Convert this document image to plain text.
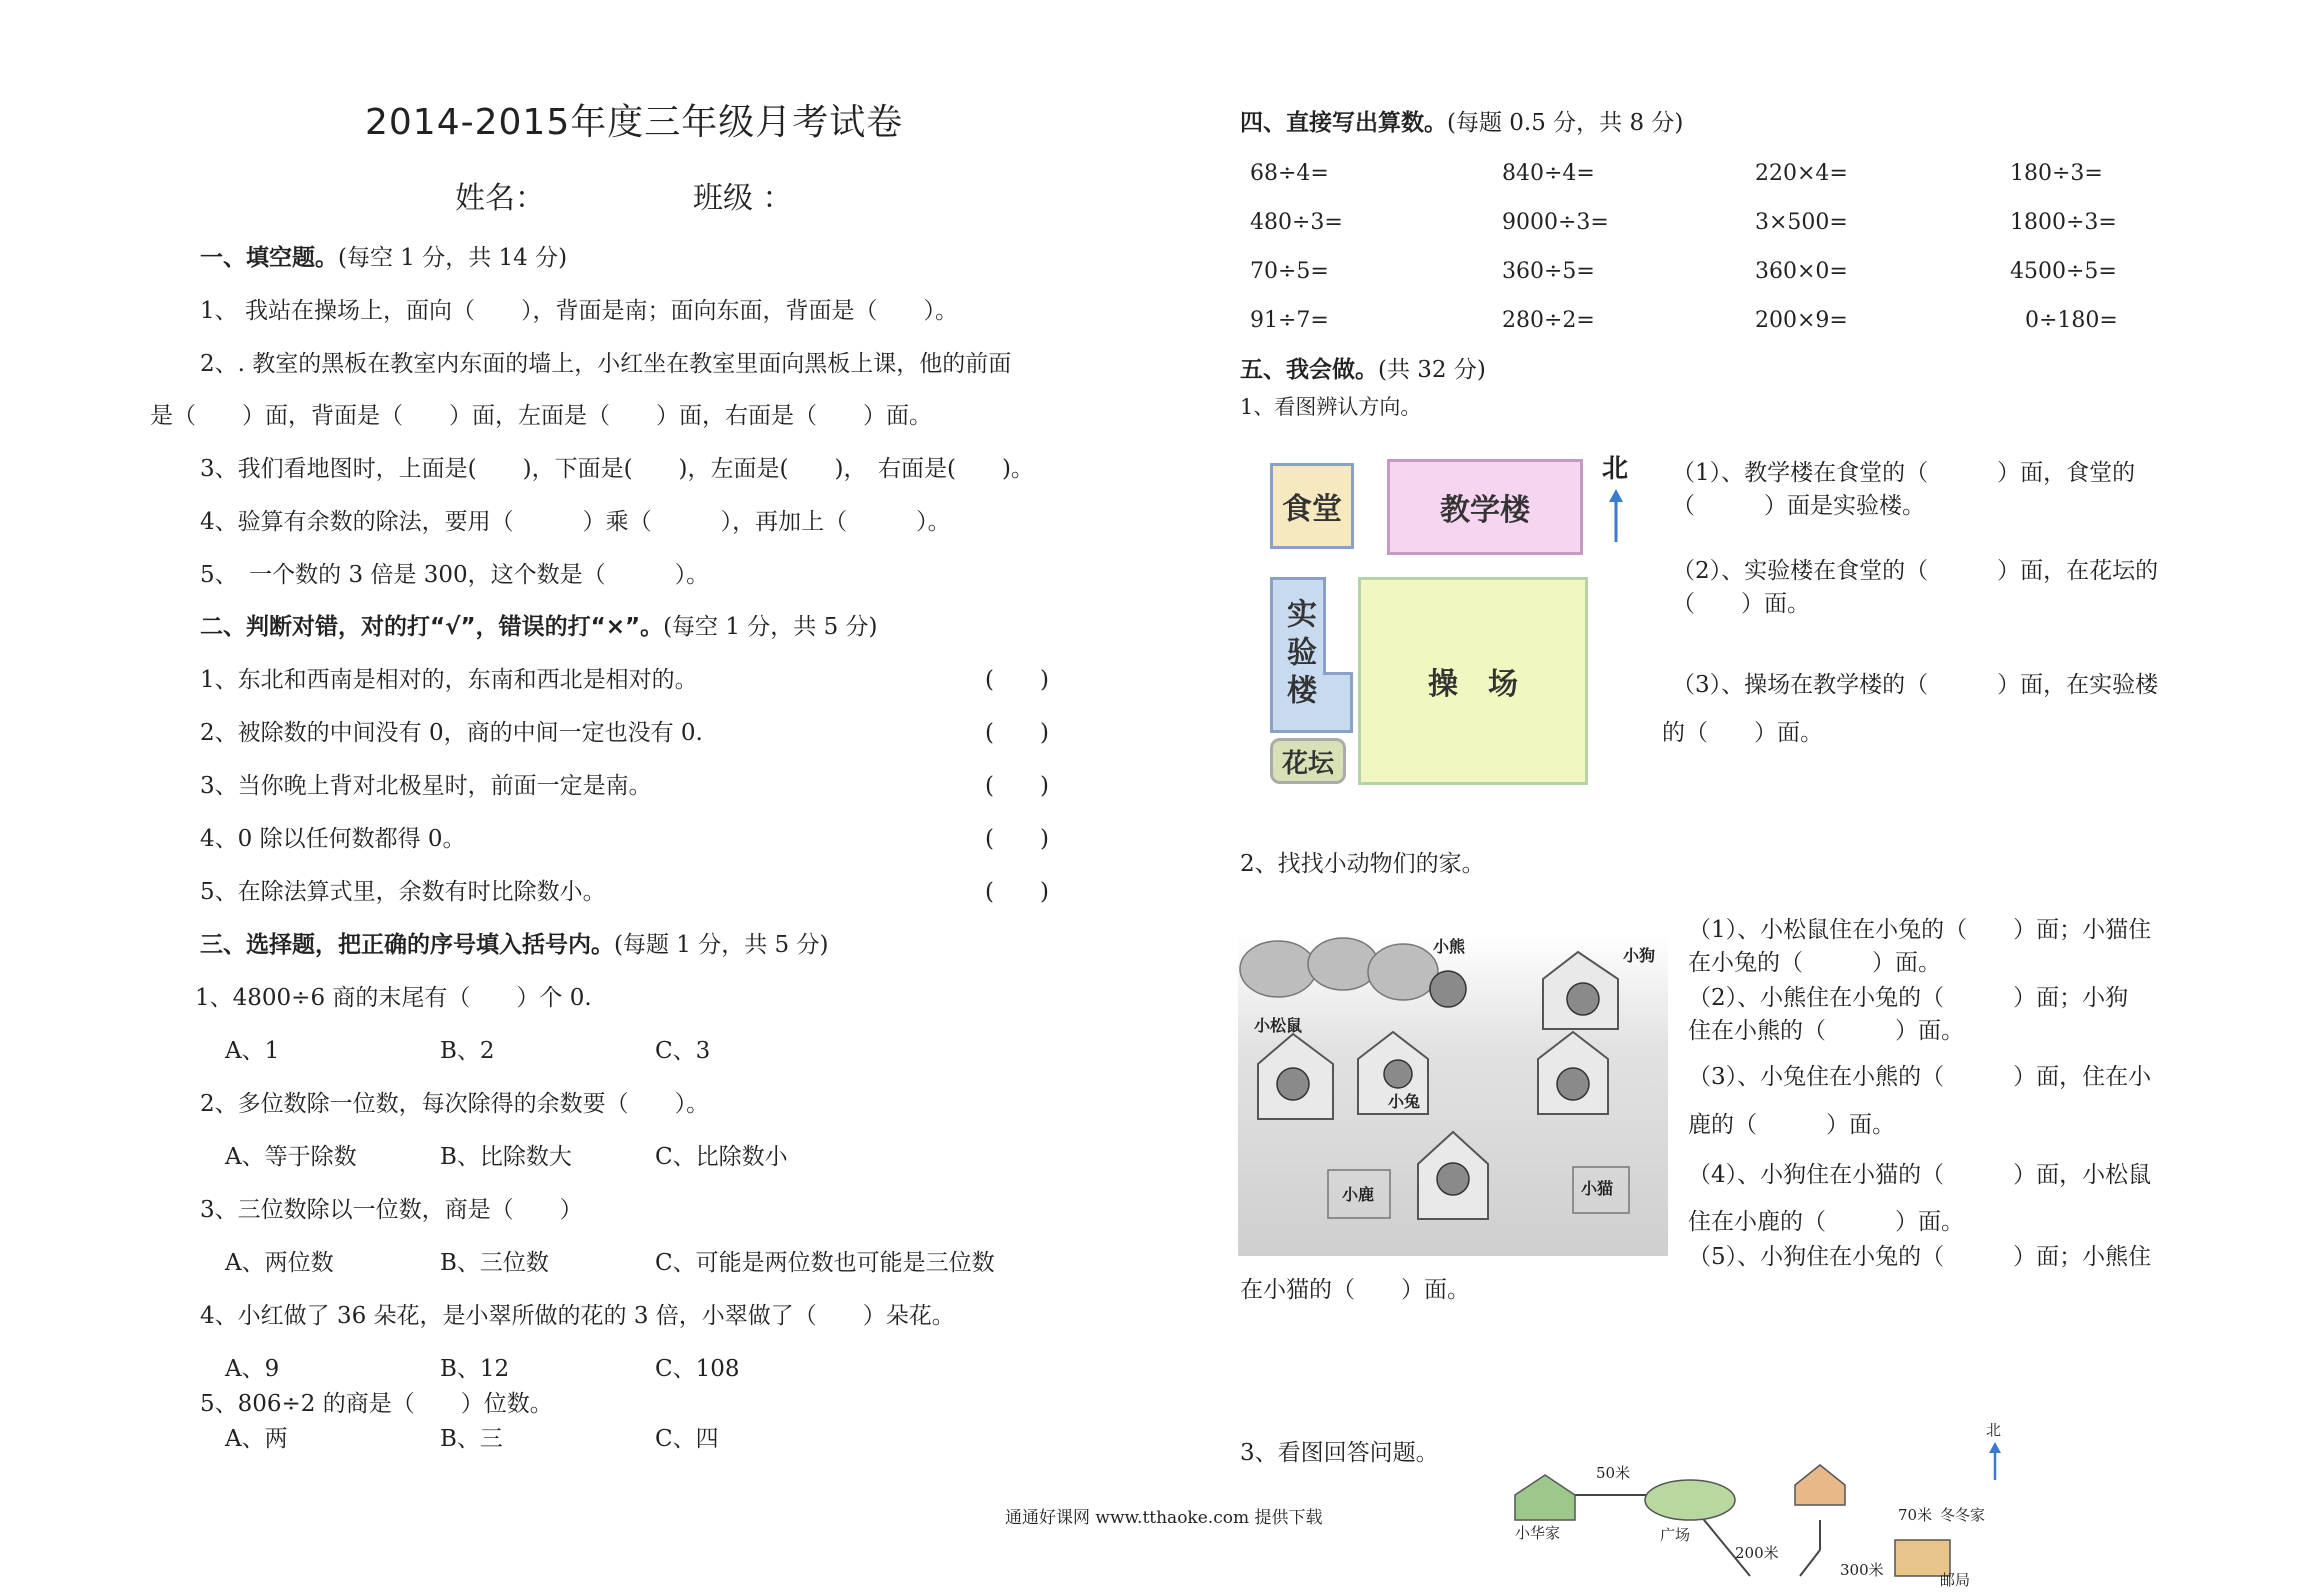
2014-2015年度三年级月考试卷
姓名：	班级 ：
一、填空题。(每空 1 分，共 14 分)
1、 我站在操场上，面向（　　），背面是南；面向东面，背面是（　　）。
2、. 教室的黑板在教室内东面的墙上，小红坐在教室里面向黑板上课，他的前面
是（　　）面，背面是（　　）面，左面是（　　）面，右面是（　　）面。
3、我们看地图时，上面是(　　)，下面是(　　)，左面是(　　)，　右面是(　　)。
4、验算有余数的除法，要用（　　　）乘（　　　），再加上（　　　）。
5、　一个数的 3 倍是 300，这个数是（　　　）。
二、判断对错，对的打“√”，错误的打“×”。(每空 1 分，共 5 分)
1、东北和西南是相对的，东南和西北是相对的。	(　　)
2、被除数的中间没有 0，商的中间一定也没有 0.	(　　)
3、当你晚上背对北极星时，前面一定是南。	(　　)
4、0 除以任何数都得 0。	(　　)
5、在除法算式里，余数有时比除数小。	(　　)
三、选择题，把正确的序号填入括号内。(每题 1 分，共 5 分)
1、4800÷6 商的末尾有（　　）个 0.
A、1	B、2	C、3
2、多位数除一位数，每次除得的余数要（　　）。
A、等于除数	B、比除数大	C、比除数小
3、三位数除以一位数，商是（　　）
A、两位数	B、三位数	C、可能是两位数也可能是三位数
4、小红做了 36 朵花，是小翠所做的花的 3 倍，小翠做了（　　）朵花。
A、9	B、12	C、108
5、806÷2 的商是（　　）位数。
A、两	B、三	C、四
通通好课网 www.tthaoke.com 提供下载
四、直接写出算数。(每题 0.5 分，共 8 分)
68÷4=	840÷4=	220×4=	180÷3=
480÷3=	9000÷3=	3×500=	1800÷3=
70÷5=	360÷5=	360×0=	4500÷5=
91÷7=	280÷2=	200×9=	0÷180=
五、我会做。(共 32 分)
1、看图辨认方向。
食堂	教学楼
操　场
实验楼
花坛
北 （1）、教学楼在食堂的（　　　）面，食堂的
（　　　）面是实验楼。
（2）、实验楼在食堂的（　　　）面，在花坛的
（　　）面。
（3）、操场在教学楼的（　　　）面，在实验楼
的（　　）面。
2、找找小动物们的家。
小熊	小狗
小松鼠
小兔
小鹿	小猫
（1）、小松鼠住在小兔的（　　）面；小猫住
在小兔的（　　　）面。
（2）、小熊住在小兔的（　　　）面；小狗
住在小熊的（　　　）面。
（3）、小兔住在小熊的（　　　）面，住在小
鹿的（　　　）面。
（4）、小狗住在小猫的（　　　）面，小松鼠
住在小鹿的（　　　）面。
（5）、小狗住在小兔的（　　　）面；小熊住
在小猫的（　　）面。
3、看图回答问题。
50米
小华家	广场
200米
北
70米 冬冬家
300米
邮局
